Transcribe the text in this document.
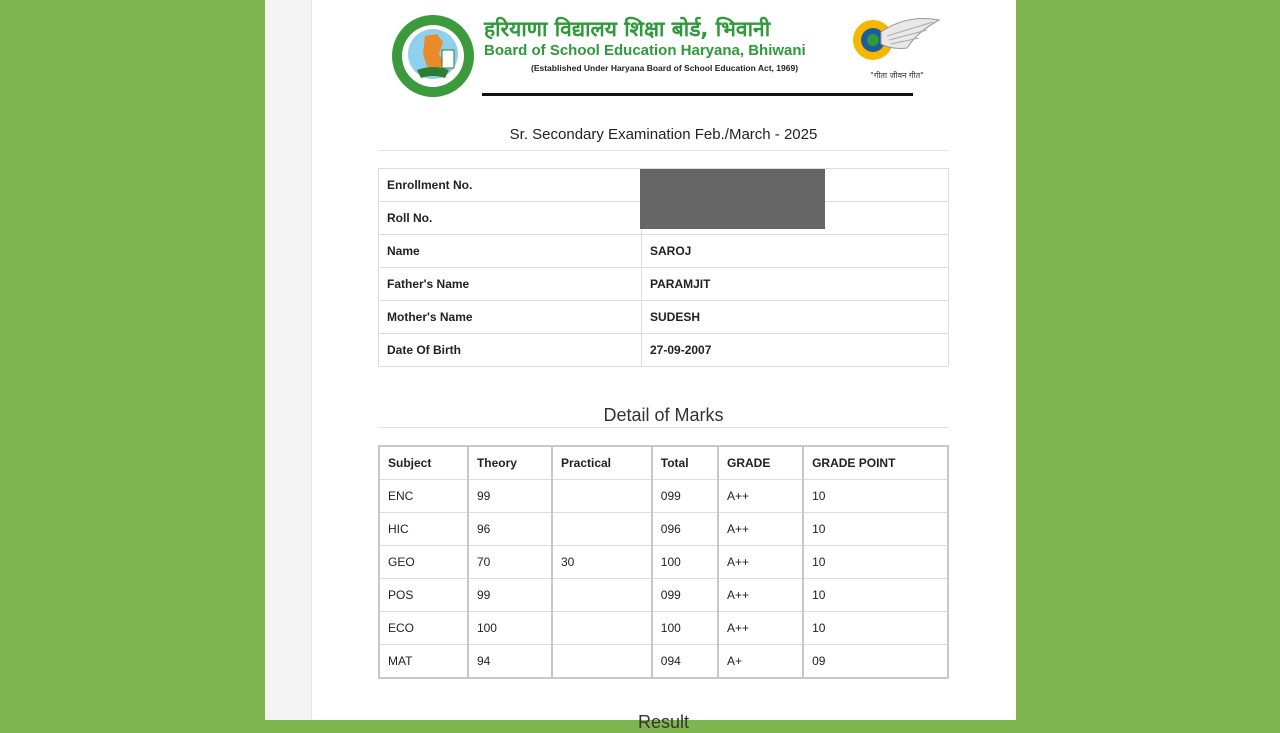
हरियाणा विद्यालय शिक्षा बोर्ड, भिवानी
Board of School Education Haryana, Bhiwani
(Established Under Haryana Board of School Education Act, 1969)
"गीता जीवन गीत"
Sr. Secondary Examination Feb./March - 2025
Enrollment No.	
Roll No.	
Name	SAROJ
Father's Name	PARAMJIT
Mother's Name	SUDESH
Date Of Birth	27-09-2007
Detail of Marks
Subject	Theory	Practical	Total	GRADE	GRADE POINT
ENC	99		099	A++	10
HIC	96		096	A++	10
GEO	70	30	100	A++	10
POS	99		099	A++	10
ECO	100		100	A++	10
MAT	94		094	A+	09
Result
